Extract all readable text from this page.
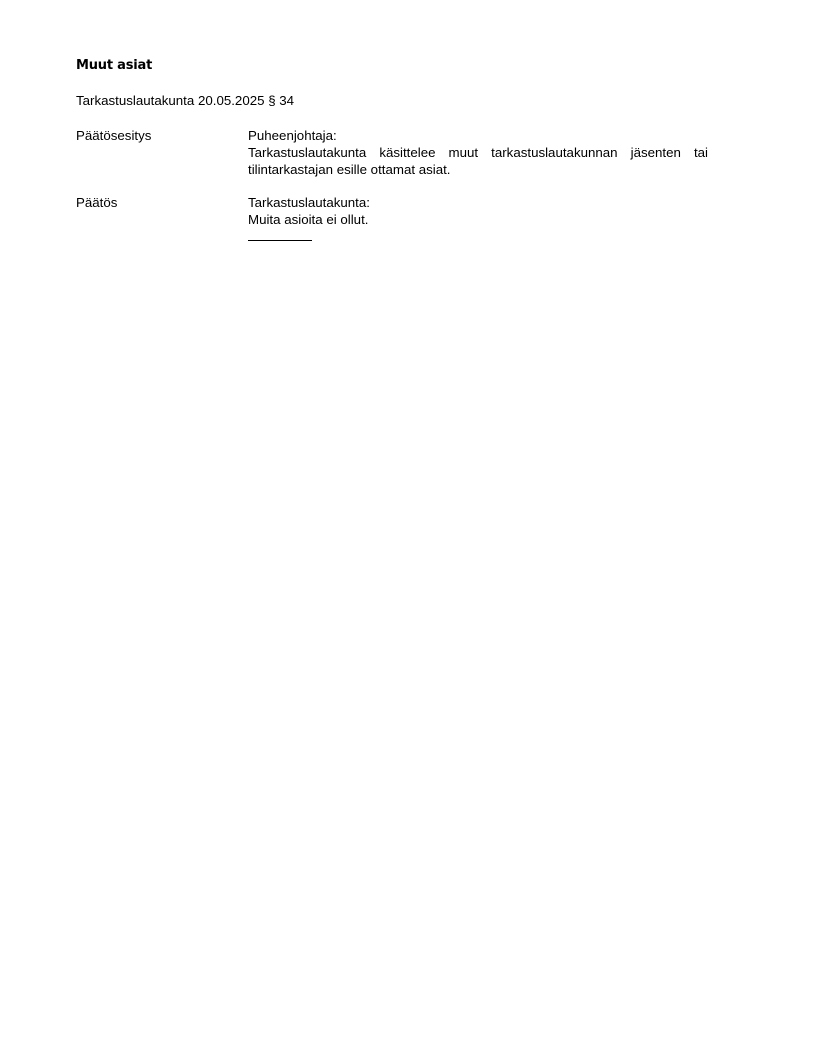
Muut asiat
Tarkastuslautakunta 20.05.2025 § 34
Päätösesitys	Puheenjohtaja:
Tarkastuslautakunta käsittelee muut tarkastuslautakunnan jäsenten tai tilintarkastajan esille ottamat asiat.
Päätös	Tarkastuslautakunta:
Muita asioita ei ollut.
